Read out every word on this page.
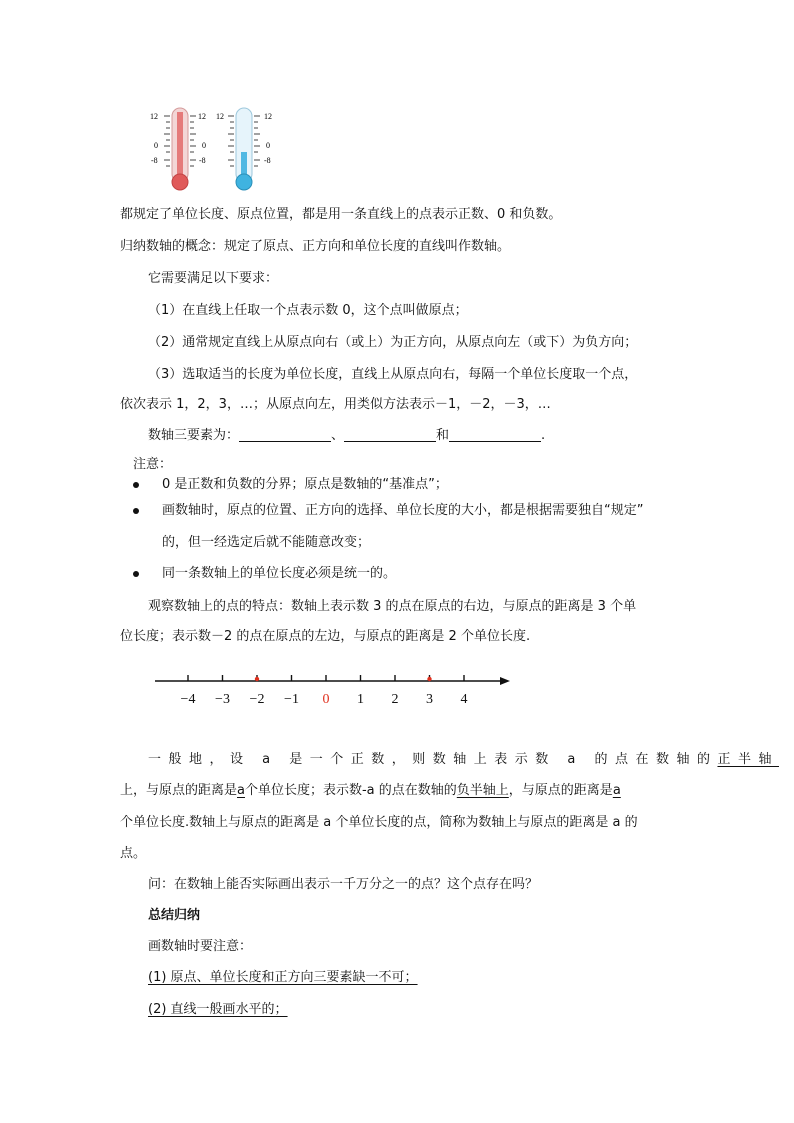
12
0
-8
12
0
-8
12	12
0
-8
都规定了单位长度、原点位置，都是用一条直线上的点表示正数、0 和负数。
归纳数轴的概念：规定了原点、正方向和单位长度的直线叫作数轴。
它需要满足以下要求：
（1）在直线上任取一个点表示数 0，这个点叫做原点；
（2）通常规定直线上从原点向右（或上）为正方向，从原点向左（或下）为负方向；
（3）选取适当的长度为单位长度，直线上从原点向右，每隔一个单位长度取一个点，
依次表示 1，2，3，…；从原点向左，用类似方法表示－1，－2，－3，…
数轴三要素为：	、	和	.
注意：
0 是正数和负数的分界；原点是数轴的“基准点”；
画数轴时，原点的位置、正方向的选择、单位长度的大小，都是根据需要独自“规定”
的，但一经选定后就不能随意改变；
同一条数轴上的单位长度必须是统一的。
观察数轴上的点的特点：数轴上表示数 3 的点在原点的右边，与原点的距离是 3 个单
位长度；表示数－2 的点在原点的左边，与原点的距离是 2 个单位长度.
−4 −3 −2 −1 0 1 2 3 4
一般地，设 a 是一个正数，则数轴上表示数 a 的点在数轴的正半轴
上，与原点的距离是a个单位长度；表示数-a 的点在数轴的负半轴上，与原点的距离是a
个单位长度.数轴上与原点的距离是 a 个单位长度的点，简称为数轴上与原点的距离是 a 的
点。
问：在数轴上能否实际画出表示一千万分之一的点？这个点存在吗？
总结归纳
画数轴时要注意：
(1) 原点、单位长度和正方向三要素缺一不可；
(2) 直线一般画水平的；
